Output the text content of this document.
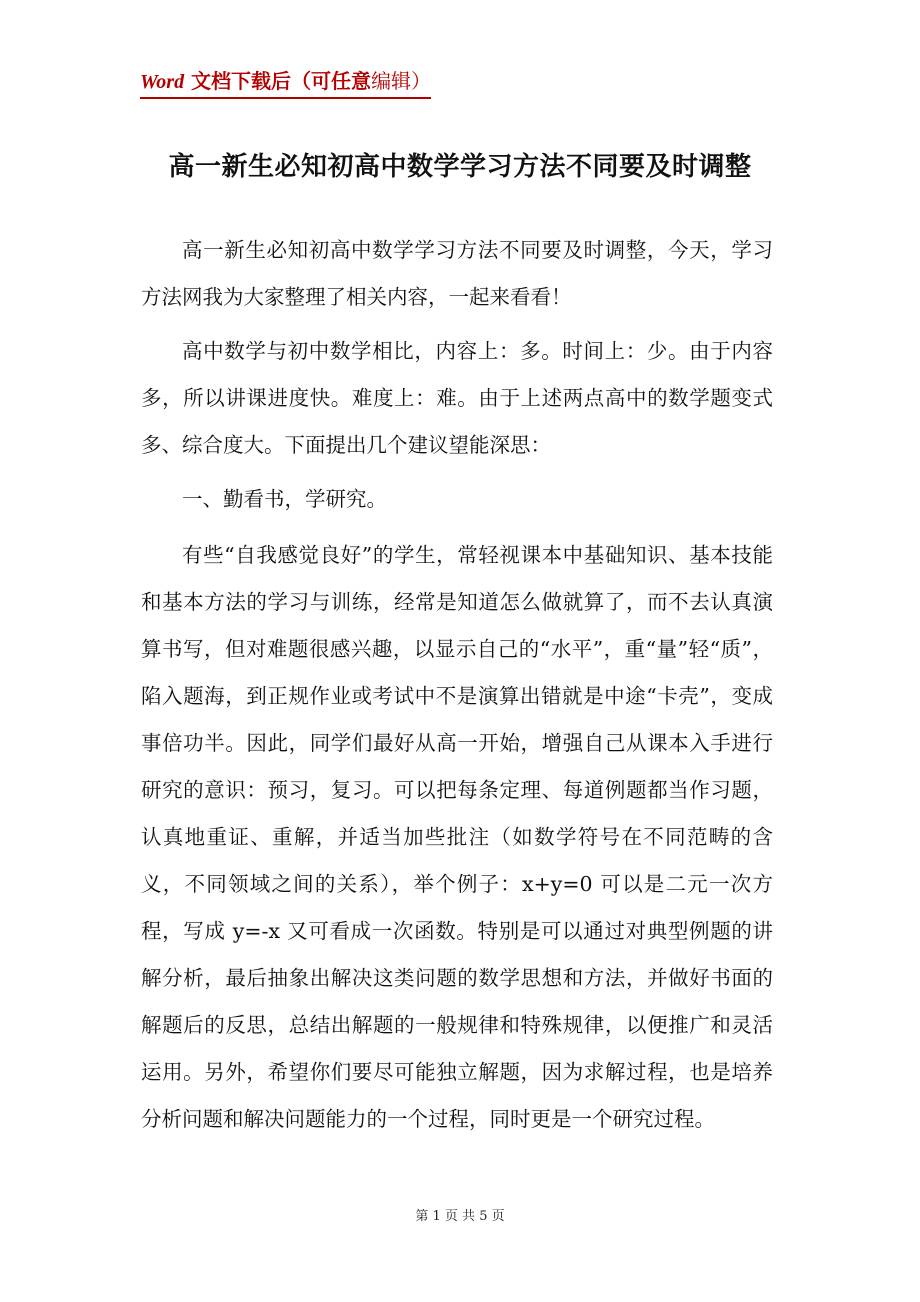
Word 文档下载后（可任意编辑）
高一新生必知初高中数学学习方法不同要及时调整

高一新生必知初高中数学学习方法不同要及时调整，今天，学习方法网我为大家整理了相关内容，一起来看看！

高中数学与初中数学相比，内容上：多。时间上：少。由于内容多，所以讲课进度快。难度上：难。由于上述两点高中的数学题变式多、综合度大。下面提出几个建议望能深思：

一、勤看书，学研究。

有些“自我感觉良好”的学生，常轻视课本中基础知识、基本技能和基本方法的学习与训练，经常是知道怎么做就算了，而不去认真演算书写，但对难题很感兴趣，以显示自己的“水平”，重“量”轻“质”，陷入题海，到正规作业或考试中不是演算出错就是中途“卡壳”，变成事倍功半。因此，同学们最好从高一开始，增强自己从课本入手进行研究的意识：预习，复习。可以把每条定理、每道例题都当作习题，认真地重证、重解，并适当加些批注（如数学符号在不同范畴的含义，不同领域之间的关系），举个例子：x+y=0 可以是二元一次方程，写成 y=-x 又可看成一次函数。特别是可以通过对典型例题的讲解分析，最后抽象出解决这类问题的数学思想和方法，并做好书面的解题后的反思，总结出解题的一般规律和特殊规律，以便推广和灵活运用。另外，希望你们要尽可能独立解题，因为求解过程，也是培养分析问题和解决问题能力的一个过程，同时更是一个研究过程。

第 1 页 共 5 页
